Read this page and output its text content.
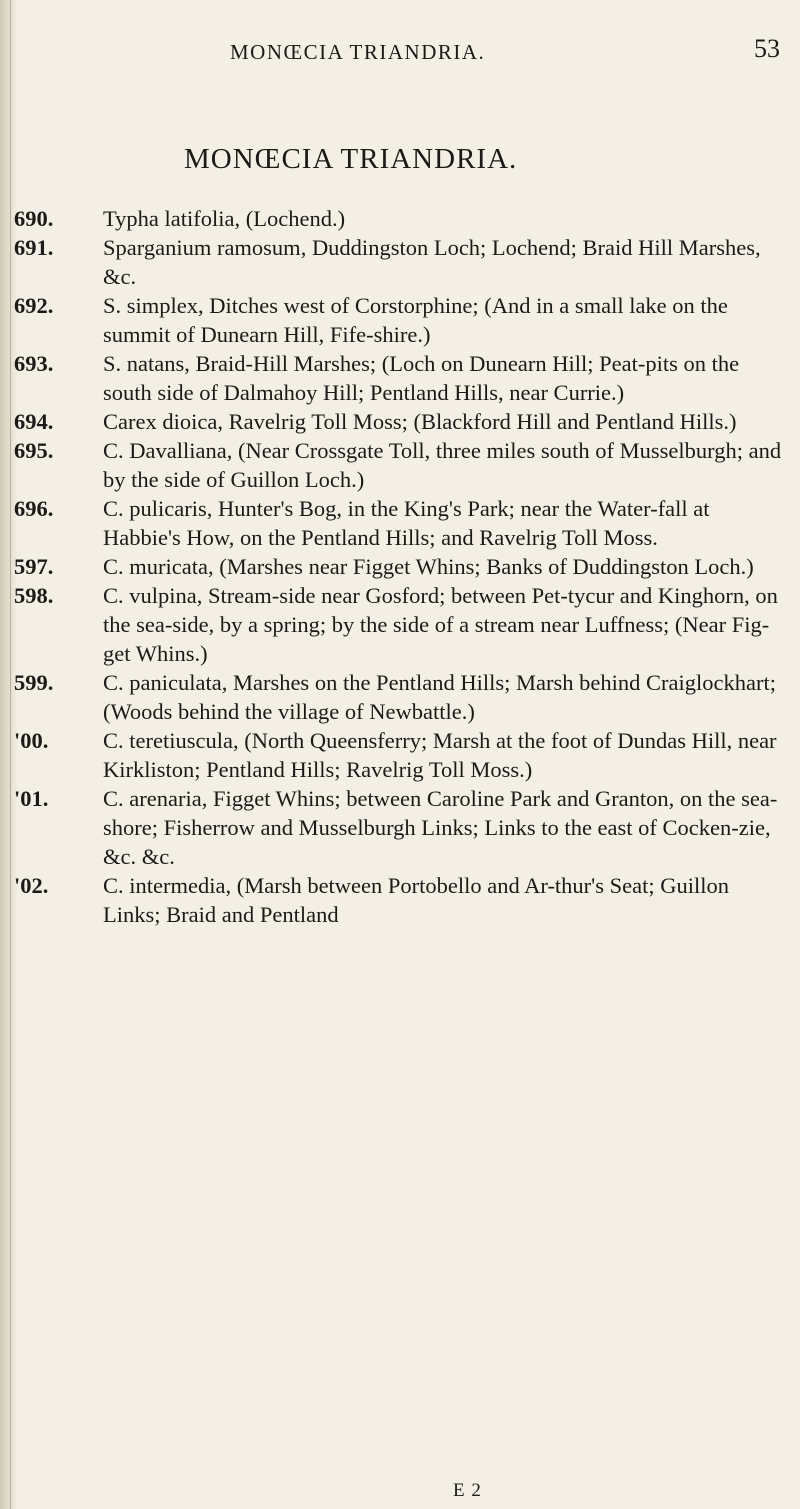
MONŒCIA TRIANDRIA.	53
MONŒCIA TRIANDRIA.
690. Typha latifolia, (Lochend.)
691. Sparganium ramosum, Duddingston Loch; Lochend; Braid Hill Marshes, &c.
692. S. simplex, Ditches west of Corstorphine; (And in a small lake on the summit of Dunearn Hill, Fife-shire.)
693. S. natans, Braid-Hill Marshes; (Loch on Dunearn Hill; Peat-pits on the south side of Dalmahoy Hill; Pentland Hills, near Currie.)
694. Carex dioica, Ravelrig Toll Moss; (Blackford Hill and Pentland Hills.)
695. C. Davalliana, (Near Crossgate Toll, three miles south of Musselburgh; and by the side of Guillon Loch.)
696. C. pulicaris, Hunter's Bog, in the King's Park; near the Water-fall at Habbie's How, on the Pentland Hills; and Ravelrig Toll Moss.
597. C. muricata, (Marshes near Figget Whins; Banks of Duddingston Loch.)
598. C. vulpina, Stream-side near Gosford; between Pet-tycur and Kinghorn, on the sea-side, by a spring; by the side of a stream near Luffness; (Near Fig-get Whins.)
599. C. paniculata, Marshes on the Pentland Hills; Marsh behind Craiglockhart; (Woods behind the village of Newbattle.)
'00. C. teretiuscula, (North Queensferry; Marsh at the foot of Dundas Hill, near Kirkliston; Pentland Hills; Ravelrig Toll Moss.)
'01. C. arenaria, Figget Whins; between Caroline Park and Granton, on the sea-shore; Fisherrow and Musselburgh Links; Links to the east of Cocken-zie, &c. &c.
'02. C. intermedia, (Marsh between Portobello and Ar-thur's Seat; Guillon Links; Braid and Pentland
E 2
